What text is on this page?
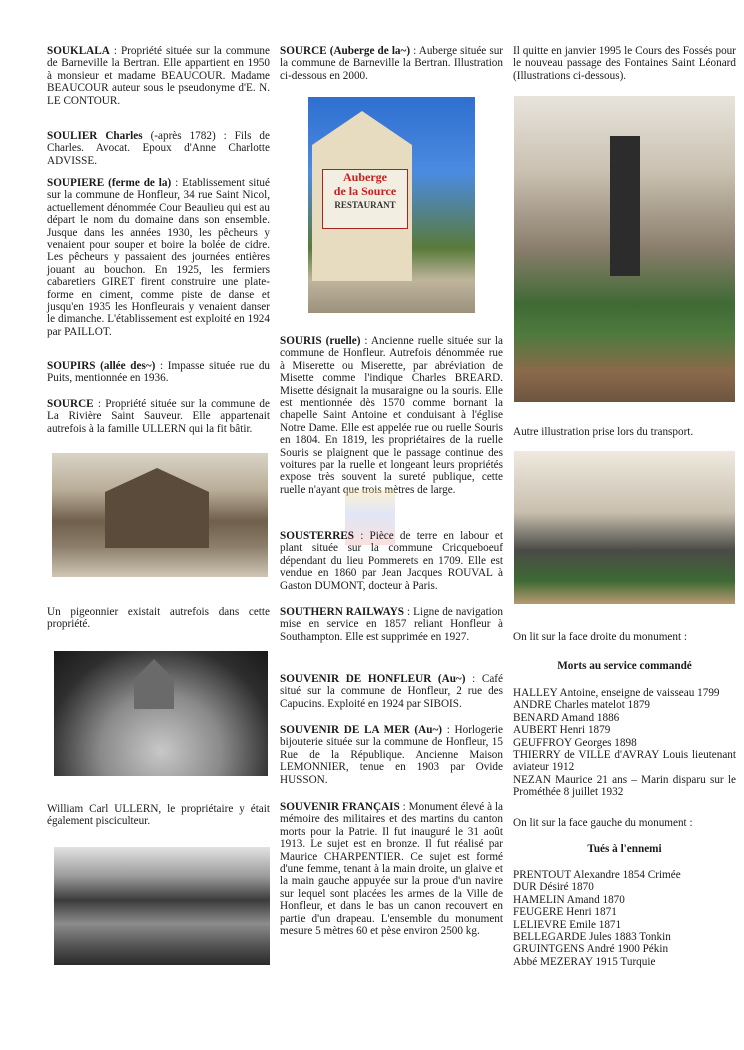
SOUKLALA : Propriété située sur la commune de Barneville la Bertran. Elle appartient en 1950 à monsieur et madame BEAUCOUR. Madame BEAUCOUR auteur sous le pseudonyme d'E. N. LE CONTOUR.
SOULIER Charles (-après 1782) : Fils de Charles. Avocat. Epoux d'Anne Charlotte ADVISSE.
SOUPIERE (ferme de la) : Etablissement situé sur la commune de Honfleur, 34 rue Saint Nicol, actuellement dénommée Cour Beaulieu qui est au départ le nom du domaine dans son ensemble. Jusque dans les années 1930, les pêcheurs y venaient pour souper et boire la bolée de cidre. Les pêcheurs y passaient des journées entières jouant au bouchon. En 1925, les fermiers cabaretiers GIRET firent construire une plate-forme en ciment, comme piste de danse et jusqu'en 1935 les Honfleurais y venaient danser le dimanche. L'établissement est exploité en 1924 par PAILLOT.
SOUPIRS (allée des~) : Impasse située rue du Puits, mentionnée en 1936.
SOURCE : Propriété située sur la commune de La Rivière Saint Sauveur. Elle appartenait autrefois à la famille ULLERN qui la fit bâtir.
Un pigeonnier existait autrefois dans cette propriété.
William Carl ULLERN, le propriétaire y était également pisciculteur.
SOURCE (Auberge de la~) : Auberge située sur la commune de Barneville la Bertran. Illustration ci-dessous en 2000.
Auberge
de la Source
RESTAURANT
SOURIS (ruelle) : Ancienne ruelle située sur la commune de Honfleur. Autrefois dénommée rue à Miserette ou Miserette, par abréviation de Misette comme l'indique Charles BREARD. Misette désignait la musaraigne ou la souris. Elle est mentionnée dès 1570 comme bornant la chapelle Saint Antoine et conduisant à l'église Notre Dame. Elle est appelée rue ou ruelle Souris en 1804. En 1819, les propriétaires de la ruelle Souris se plaignent que le passage continue des voitures par la ruelle et longeant leurs propriétés expose très souvent la sureté publique, cette ruelle n'ayant que trois mètres de large.
SOUSTERRES : Pièce de terre en labour et plant située sur la commune Cricqueboeuf dépendant du lieu Pommerets en 1709. Elle est vendue en 1860 par Jean Jacques ROUVAL à Gaston DUMONT, docteur à Paris.
SOUTHERN RAILWAYS : Ligne de navigation mise en service en 1857 reliant Honfleur à Southampton. Elle est supprimée en 1927.
SOUVENIR DE HONFLEUR (Au~) : Café situé sur la commune de Honfleur, 2 rue des Capucins. Exploité en 1924 par SIBOIS.
SOUVENIR DE LA MER (Au~) : Horlogerie bijouterie située sur la commune de Honfleur, 15 Rue de la République. Ancienne Maison LEMONNIER, tenue en 1903 par Ovide HUSSON.
SOUVENIR FRANÇAIS : Monument élevé à la mémoire des militaires et des martins du canton morts pour la Patrie. Il fut inauguré le 31 août 1913. Le sujet est en bronze. Il fut réalisé par Maurice CHARPENTIER. Ce sujet est formé d'une femme, tenant à la main droite, un glaive et la main gauche appuyée sur la proue d'un navire sur lequel sont placées les armes de la Ville de Honfleur, et dans le bas un canon recouvert en partie d'un drapeau. L'ensemble du monument mesure 5 mètres 60 et pèse environ 2500 kg.
Il quitte en janvier 1995 le Cours des Fossés pour le nouveau passage des Fontaines Saint Léonard (Illustrations ci-dessous).
Autre illustration prise lors du transport.
On lit sur la face droite du monument :
Morts au service commandé
HALLEY Antoine, enseigne de vaisseau 1799
ANDRE Charles matelot 1879
BENARD Amand 1886
AUBERT Henri 1879
GEUFFROY Georges 1898
THIERRY de VILLE d'AVRAY Louis lieutenant aviateur 1912
NEZAN Maurice 21 ans – Marin disparu sur le Prométhée 8 juillet 1932
On lit sur la face gauche du monument :
Tués à l'ennemi
PRENTOUT Alexandre 1854 Crimée
DUR Désiré 1870
HAMELIN Amand 1870
FEUGERE Henri 1871
LELIEVRE Emile 1871
BELLEGARDE Jules 1883 Tonkin
GRUINTGENS André 1900 Pékin
Abbé MEZERAY 1915 Turquie
